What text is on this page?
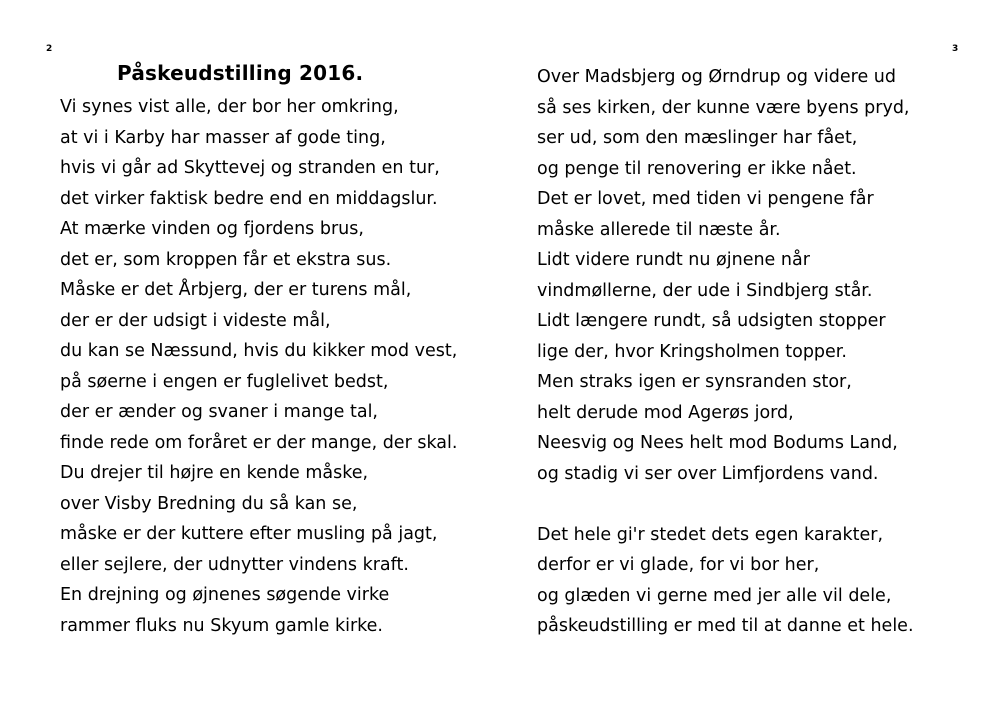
2	3
Påskeudstilling 2016.
Vi synes vist alle, der bor her omkring,
at vi i Karby har masser af gode ting,
hvis vi går ad Skyttevej og stranden en tur,
det virker faktisk bedre end en middagslur.
At mærke vinden og fjordens brus,
det er, som kroppen får et ekstra sus.
Måske er det Årbjerg, der er turens mål,
der er der udsigt i videste mål,
du kan se Næssund, hvis du kikker mod vest,
på søerne i engen er fuglelivet bedst,
der er ænder og svaner i mange tal,
finde rede om foråret er der mange, der skal.
Du drejer til højre en kende måske,
over Visby Bredning du så kan se,
måske er der kuttere efter musling på jagt,
eller sejlere, der udnytter vindens kraft.
En drejning og øjnenes søgende virke
rammer fluks nu Skyum gamle kirke.
Over Madsbjerg og Ørndrup og videre ud
så ses kirken, der kunne være byens pryd,
ser ud, som den mæslinger har fået,
og penge til renovering er ikke nået.
Det er lovet, med tiden vi pengene får
måske allerede til næste år.
Lidt videre rundt nu øjnene når
vindmøllerne, der ude i Sindbjerg står.
Lidt længere rundt, så udsigten stopper
lige der, hvor Kringsholmen topper.
Men straks igen er synsranden stor,
helt derude mod Agerøs jord,
Neesvig og Nees helt mod Bodums Land,
og stadig vi ser over Limfjordens vand.
Det hele gi'r stedet dets egen karakter,
derfor er vi glade, for vi bor her,
og glæden vi gerne med jer alle vil dele,
påskeudstilling er med til at danne et hele.
